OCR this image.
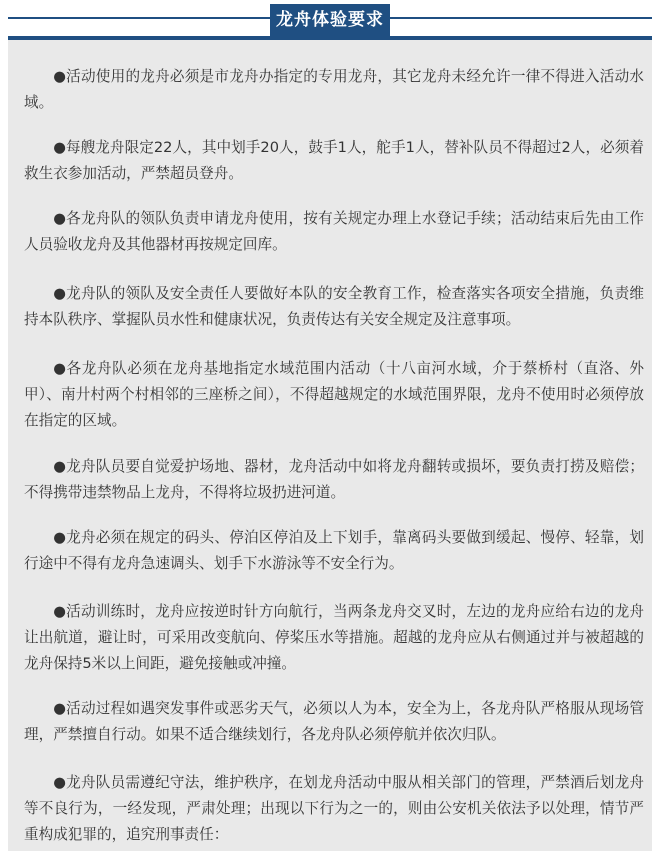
龙舟体验要求

●活动使用的龙舟必须是市龙舟办指定的专用龙舟，其它龙舟未经允许一律不得进入活动水域。

●每艘龙舟限定22人，其中划手20人，鼓手1人，舵手1人，替补队员不得超过2人，必须着救生衣参加活动，严禁超员登舟。

●各龙舟队的领队负责申请龙舟使用，按有关规定办理上水登记手续；活动结束后先由工作人员验收龙舟及其他器材再按规定回库。

●龙舟队的领队及安全责任人要做好本队的安全教育工作，检查落实各项安全措施，负责维持本队秩序、掌握队员水性和健康状况，负责传达有关安全规定及注意事项。

●各龙舟队必须在龙舟基地指定水域范围内活动（十八亩河水域，介于蔡桥村（直洛、外甲）、南廾村两个村相邻的三座桥之间），不得超越规定的水域范围界限，龙舟不使用时必须停放在指定的区域。

●龙舟队员要自觉爱护场地、器材，龙舟活动中如将龙舟翻转或损坏，要负责打捞及赔偿；不得携带违禁物品上龙舟，不得将垃圾扔进河道。

●龙舟必须在规定的码头、停泊区停泊及上下划手，靠离码头要做到缓起、慢停、轻靠，划行途中不得有龙舟急速调头、划手下水游泳等不安全行为。

●活动训练时，龙舟应按逆时针方向航行，当两条龙舟交叉时，左边的龙舟应给右边的龙舟让出航道，避让时，可采用改变航向、停桨压水等措施。超越的龙舟应从右侧通过并与被超越的龙舟保持5米以上间距，避免接触或冲撞。

●活动过程如遇突发事件或恶劣天气，必须以人为本，安全为上，各龙舟队严格服从现场管理，严禁擅自行动。如果不适合继续划行，各龙舟队必须停航并依次归队。

●龙舟队员需遵纪守法，维护秩序，在划龙舟活动中服从相关部门的管理，严禁酒后划龙舟等不良行为，一经发现，严肃处理；出现以下行为之一的，则由公安机关依法予以处理，情节严重构成犯罪的，追究刑事责任：
